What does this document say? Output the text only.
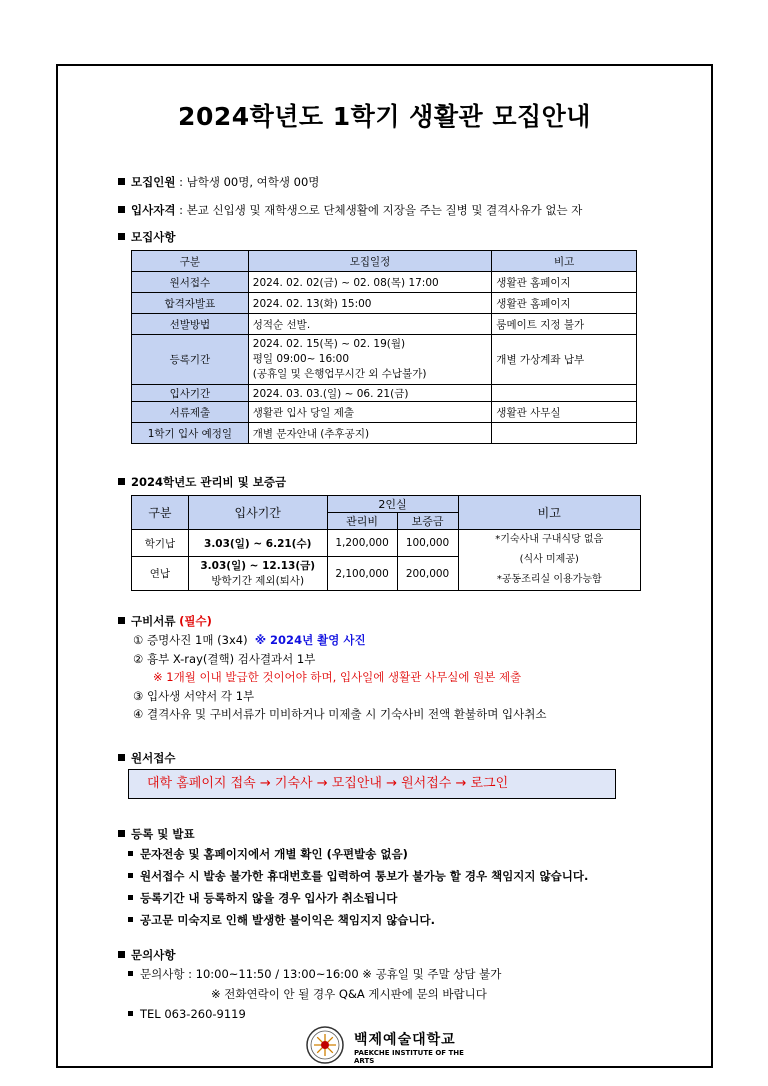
2024학년도 1학기 생활관 모집안내
모집인원 : 남학생 00명, 여학생 00명
입사자격 : 본교 신입생 및 재학생으로 단체생활에 지장을 주는 질병 및 결격사유가 없는 자
모집사항
구분	모집일정	비고
원서접수	2024. 02. 02(금) ~ 02. 08(목) 17:00	생활관 홈페이지
합격자발표	2024. 02. 13(화) 15:00	생활관 홈페이지
선발방법	성적순 선발.	룸메이트 지정 불가
등록기간	2024. 02. 15(목) ~ 02. 19(월)
평일 09:00~ 16:00
(공휴일 및 은행업무시간 외 수납불가)	개별 가상계좌 납부
입사기간	2024. 03. 03.(일) ~ 06. 21(금)	
서류제출	생활관 입사 당일 제출	생활관 사무실
1학기 입사 예정일	개별 문자안내 (추후공지)	
2024학년도 관리비 및 보증금
구분	입사기간	2인실		비고
		관리비	보증금	
학기납	3.03(일) ~ 6.21(수)	1,200,000	100,000	*기숙사내 구내식당 없음
(식사 미제공)
*공동조리실 이용가능함

연납	3.03(일) ~ 12.13(금)
방학기간 제외(퇴사)	2,100,000	200,000	
구비서류 (필수)
① 증명사진 1매 (3x4) ※ 2024년 촬영 사진
② 흉부 X-ray(결핵) 검사결과서 1부
※ 1개월 이내 발급한 것이어야 하며, 입사일에 생활관 사무실에 원본 제출
③ 입사생 서약서 각 1부
④ 결격사유 및 구비서류가 미비하거나 미제출 시 기숙사비 전액 환불하며 입사취소
원서접수
대학 홈페이지 접속 → 기숙사 → 모집안내 → 원서접수 → 로그인
등록 및 발표
문자전송 및 홈페이지에서 개별 확인 (우편발송 없음)
원서접수 시 발송 불가한 휴대번호를 입력하여 통보가 불가능 할 경우 책임지지 않습니다.
등록기간 내 등록하지 않을 경우 입사가 취소됩니다
공고문 미숙지로 인해 발생한 불이익은 책임지지 않습니다.
문의사항
문의사항 : 10:00~11:50 / 13:00~16:00 ※ 공휴일 및 주말 상담 불가
※ 전화연락이 안 될 경우 Q&A 게시판에 문의 바랍니다
TEL 063-260-9119
백제예술대학교
PAEKCHE INSTITUTE OF THE ARTS
